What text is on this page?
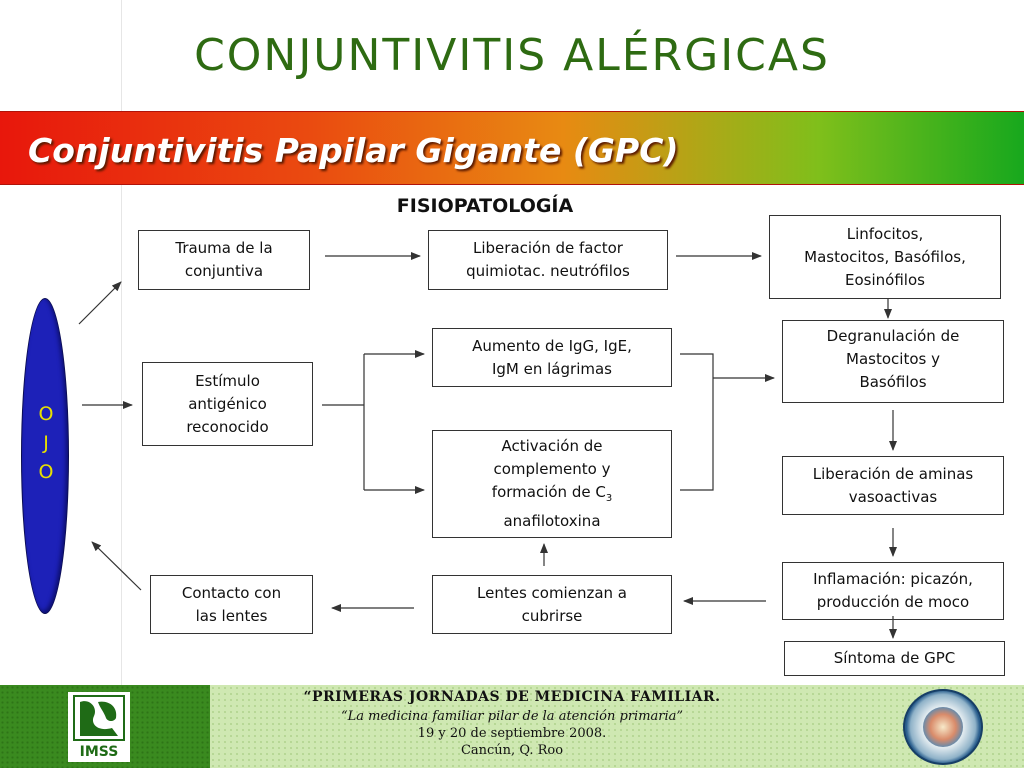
CONJUNTIVITIS ALÉRGICAS
Conjuntivitis Papilar Gigante (GPC)
FISIOPATOLOGÍA
O
J
O
Trauma de la
conjuntiva
Liberación de factor
quimiotac. neutrófilos
Linfocitos,
Mastocitos, Basófilos,
Eosinófilos
Estímulo
antigénico
reconocido
Aumento de IgG, IgE,
IgM en lágrimas
Degranulación de
Mastocitos y
Basófilos
Activación de
complemento y
formación de $C_3$
anafilotoxina
Liberación de aminas
vasoactivas
Contacto con
las lentes
Lentes comienzan a
cubrirse
Inflamación: picazón,
producción de moco
Síntoma de GPC
IMSS
“PRIMERAS JORNADAS DE MEDICINA FAMILIAR.
“La medicina familiar pilar de la atención primaria”
19 y 20 de septiembre 2008.
Cancún, Q. Roo
